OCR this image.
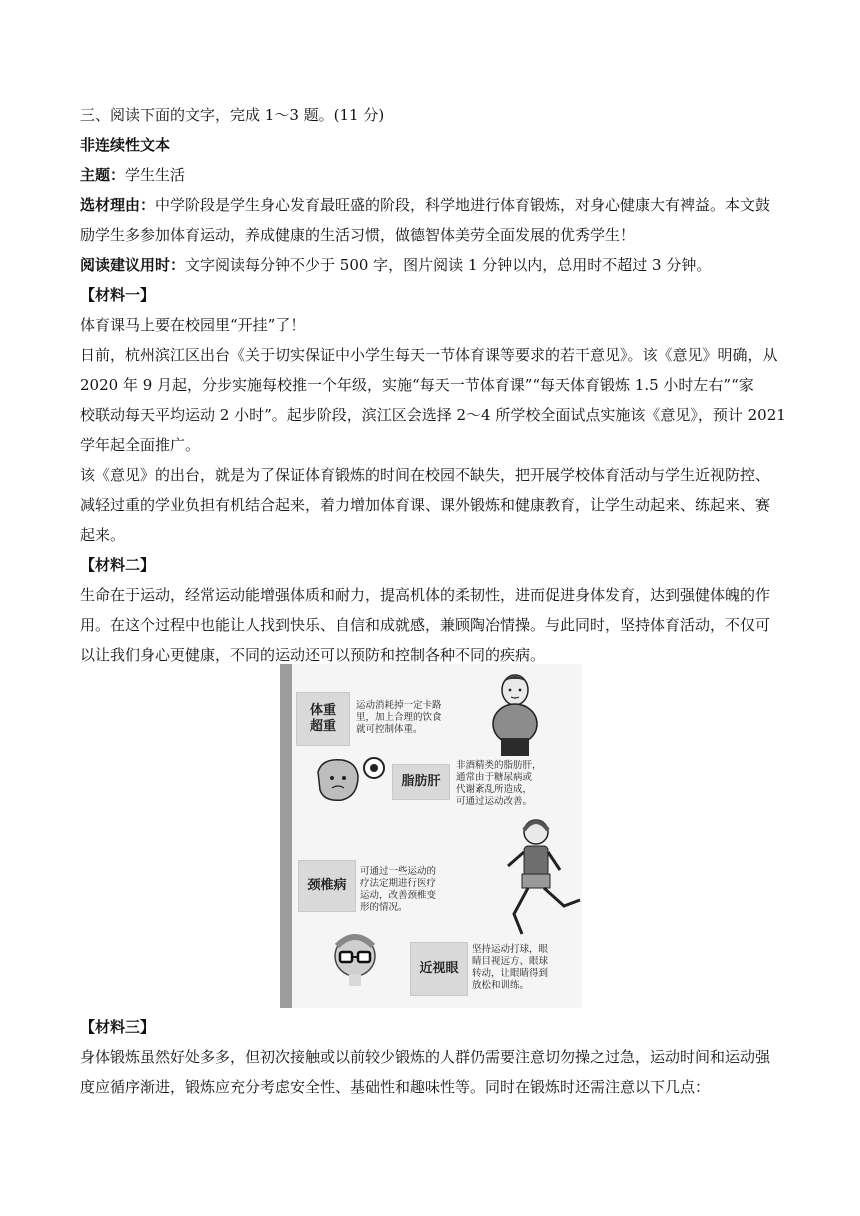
三、阅读下面的文字，完成 1～3 题。(11 分)
非连续性文本
主题：学生生活
选材理由：中学阶段是学生身心发育最旺盛的阶段，科学地进行体育锻炼，对身心健康大有裨益。本文鼓
励学生多参加体育运动，养成健康的生活习惯，做德智体美劳全面发展的优秀学生！
阅读建议用时：文字阅读每分钟不少于 500 字，图片阅读 1 分钟以内，总用时不超过 3 分钟。
【材料一】
体育课马上要在校园里“开挂”了！
日前，杭州滨江区出台《关于切实保证中小学生每天一节体育课等要求的若干意见》。该《意见》明确，从
2020 年 9 月起，分步实施每校推一个年级，实施“每天一节体育课”“每天体育锻炼 1.5 小时左右”“家
校联动每天平均运动 2 小时”。起步阶段，滨江区会选择 2～4 所学校全面试点实施该《意见》，预计 2021
学年起全面推广。
该《意见》的出台，就是为了保证体育锻炼的时间在校园不缺失，把开展学校体育活动与学生近视防控、
减轻过重的学业负担有机结合起来，着力增加体育课、课外锻炼和健康教育，让学生动起来、练起来、赛
起来。
【材料二】
生命在于运动，经常运动能增强体质和耐力，提高机体的柔韧性，进而促进身体发育，达到强健体魄的作
用。在这个过程中也能让人找到快乐、自信和成就感，兼顾陶冶情操。与此同时，坚持体育活动，不仅可
以让我们身心更健康，不同的运动还可以预防和控制各种不同的疾病。
体重
超重
运动消耗掉一定卡路
里，加上合理的饮食
就可控制体重。
脂肪肝
非酒精类的脂肪肝，
通常由于糖尿病或
代谢紊乱所造成，
可通过运动改善。
颈椎病
可通过一些运动的
疗法定期进行医疗
运动，改善颈椎变
形的情况。
近视眼
坚持运动打球，眼
睛目视远方、眼球
转动，让眼睛得到
放松和训练。
【材料三】
身体锻炼虽然好处多多，但初次接触或以前较少锻炼的人群仍需要注意切勿操之过急，运动时间和运动强
度应循序渐进，锻炼应充分考虑安全性、基础性和趣味性等。同时在锻炼时还需注意以下几点：
